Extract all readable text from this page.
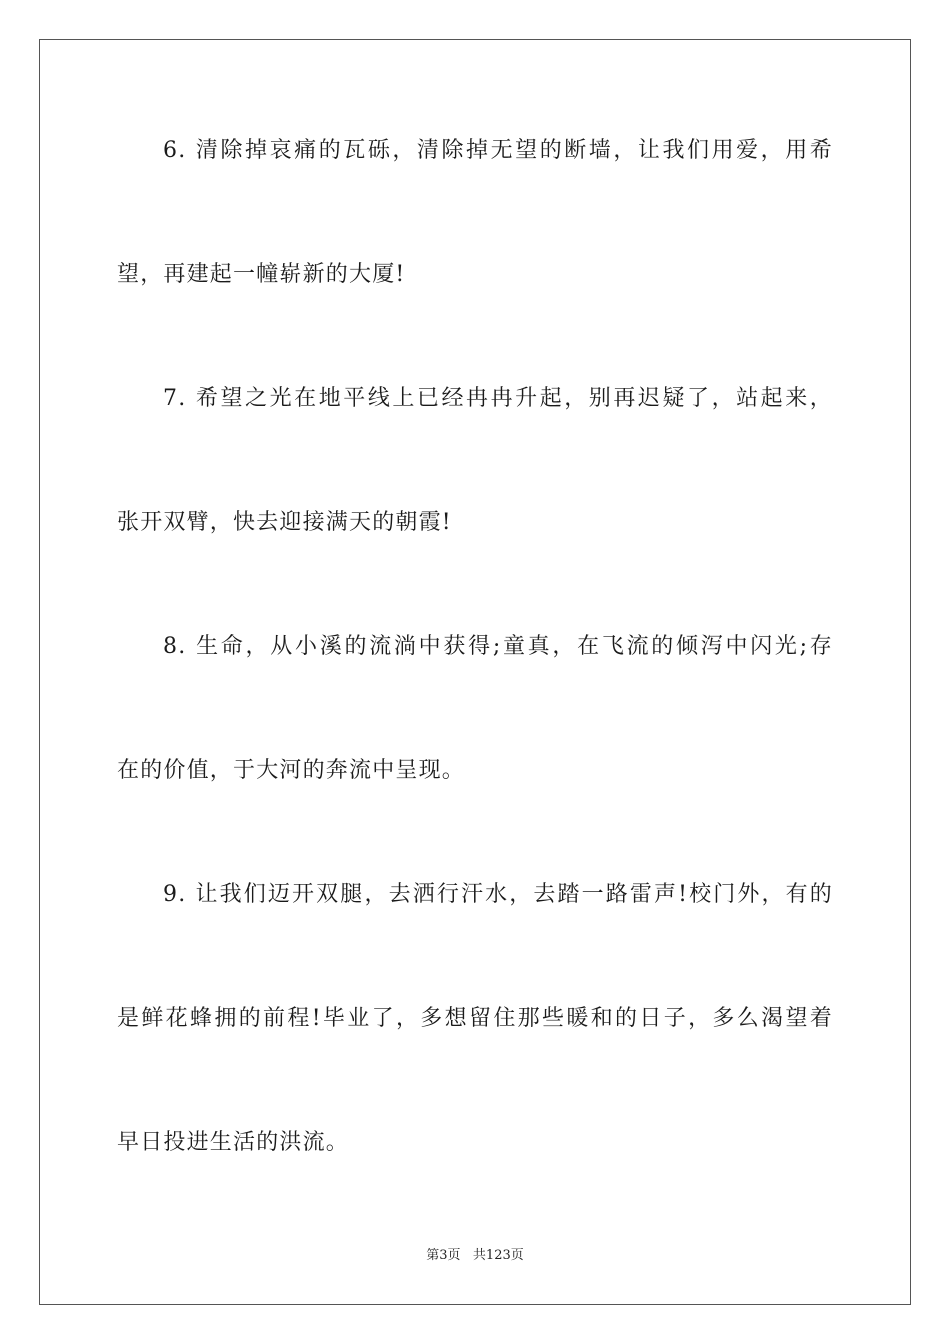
6. 清除掉哀痛的瓦砾，清除掉无望的断墙，让我们用爱，用希
望，再建起一幢崭新的大厦!
7. 希望之光在地平线上已经冉冉升起，别再迟疑了，站起来，
张开双臂，快去迎接满天的朝霞!
8. 生命，从小溪的流淌中获得;童真，在飞流的倾泻中闪光;存
在的价值，于大河的奔流中呈现。
9. 让我们迈开双腿，去洒行汗水，去踏一路雷声!校门外，有的
是鲜花蜂拥的前程!毕业了，多想留住那些暖和的日子，多么渴望着
早日投进生活的洪流。
第3页 共123页
